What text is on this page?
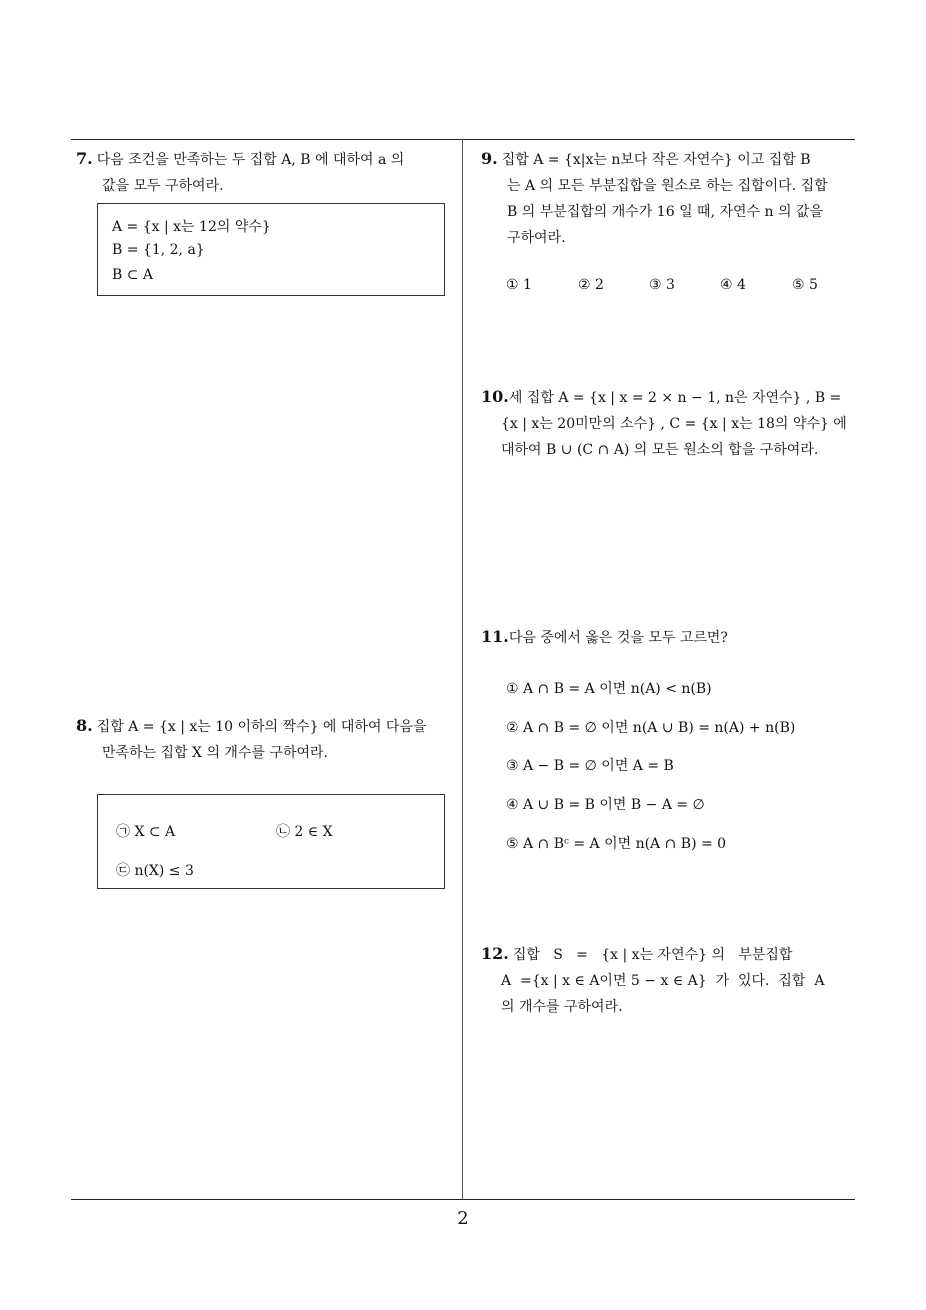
7. 다음 조건을 만족하는 두 집합 A, B 에 대하여 a 의
값을 모두 구하여라.
A = {x | x는 12의 약수}
B = {1, 2, a}
B ⊂ A
8. 집합 A = {x | x는 10 이하의 짝수} 에 대하여 다음을
만족하는 집합 X 의 개수를 구하여라.
㉠ X ⊂ A	㉡ 2 ∈ X
㉢ n(X) ≤ 3
9. 집합 A = {x|x는 n보다 작은 자연수} 이고 집합 B
는 A 의 모든 부분집합을 원소로 하는 집합이다. 집합
B 의 부분집합의 개수가 16 일 때, 자연수 n 의 값을
구하여라.
① 1	② 2	③ 3	④ 4	⑤ 5
10.세 집합 A = {x | x = 2 × n − 1, n은 자연수} , B =
{x | x는 20미만의 소수} , C = {x | x는 18의 약수} 에
대하여 B ∪ (C ∩ A) 의 모든 원소의 합을 구하여라.
11.다음 중에서 옳은 것을 모두 고르면?
① A ∩ B = A 이면 n(A) < n(B)
② A ∩ B = ∅ 이면 n(A ∪ B) = n(A) + n(B)
③ A − B = ∅ 이면 A = B
④ A ∪ B = B 이면 B − A = ∅
⑤ A ∩ Bᶜ = A 이면 n(A ∩ B) = 0
12. 집합   S   =   {x | x는 자연수} 의   부분집합
A  ={x | x ∈ A이면 5 − x ∈ A}  가  있다.  집합  A
의 개수를 구하여라.
2
